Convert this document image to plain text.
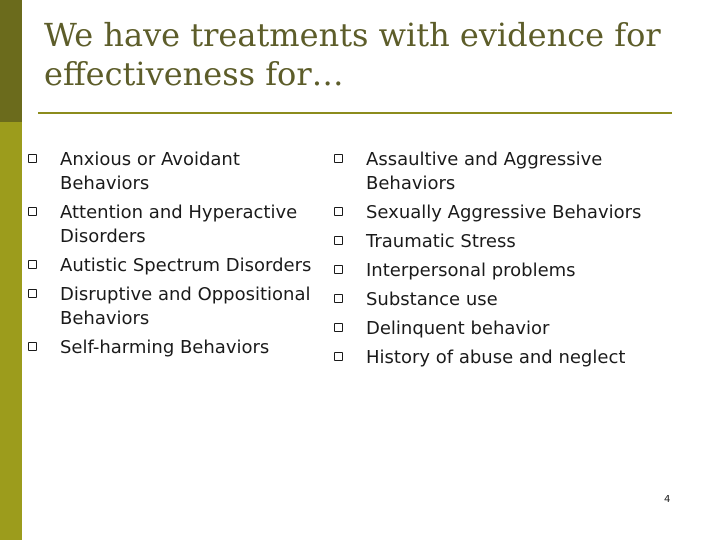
We have treatments with evidence for effectiveness for…
Anxious or Avoidant Behaviors
Attention and Hyperactive Disorders
Autistic Spectrum Disorders
Disruptive and Oppositional Behaviors
Self-harming Behaviors
Assaultive and Aggressive Behaviors
Sexually Aggressive Behaviors
Traumatic Stress
Interpersonal problems
Substance use
Delinquent behavior
History of abuse and neglect
4
